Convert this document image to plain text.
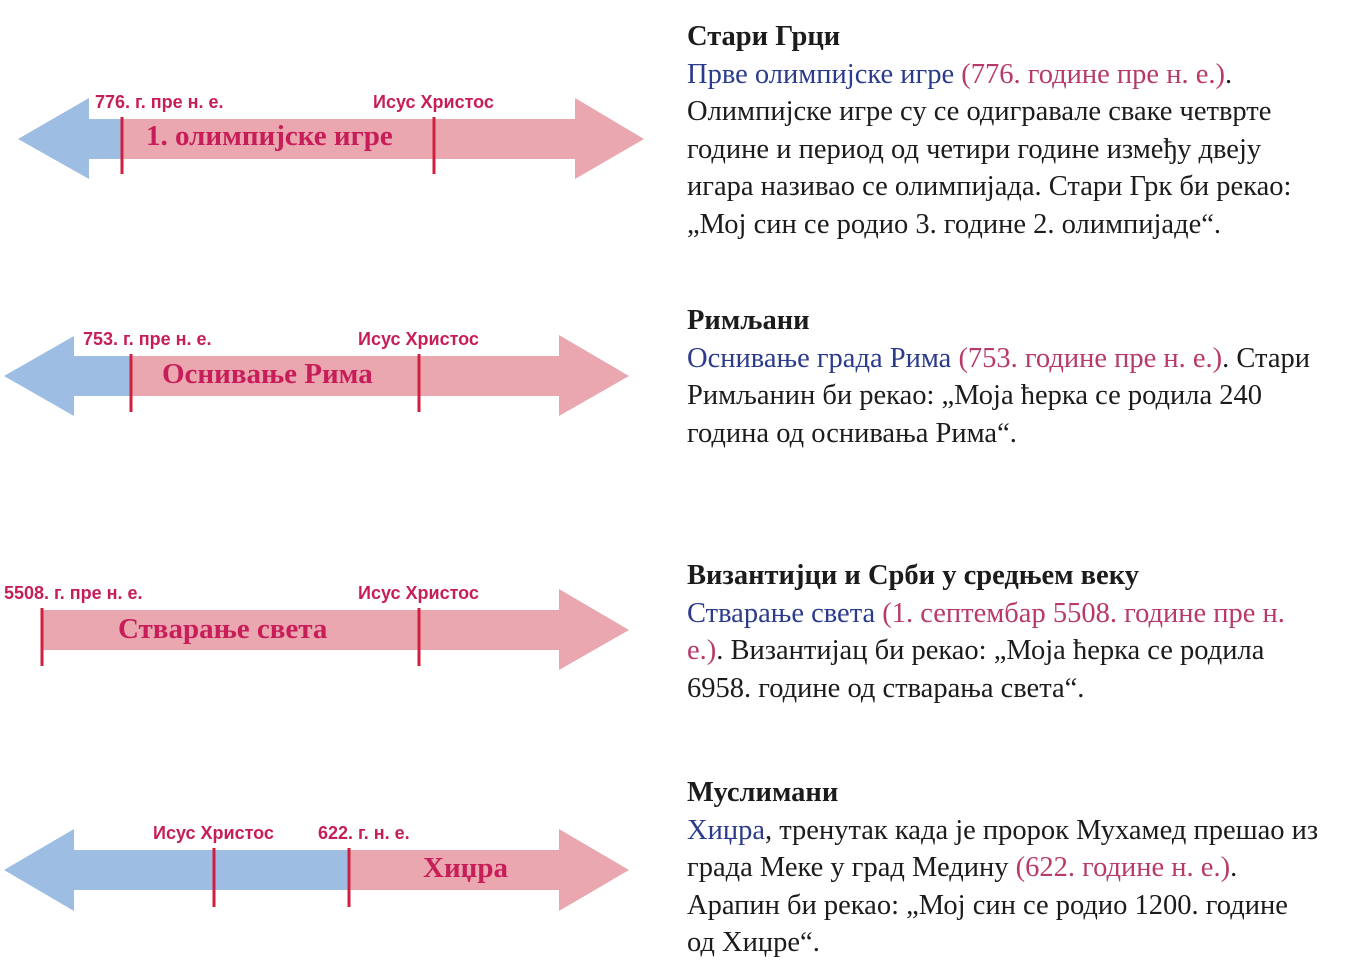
776. г. пре н. е.	Исус Христос
1. олимпијске игре
Стари Грци
Прве олимпијске игре (776. године пре н. е.). Олимпијске игре су се одигравале сваке четврте године и период од четири године између двеју игара називао се олимпијада. Стари Грк би рекао: „Мој син се родио 3. године 2. олимпијаде“.
753. г. пре н. е.	Исус Христос
Оснивање Рима
Римљани
Оснивање града Рима (753. године пре н. е.). Стари Римљанин би рекао: „Моја ћерка се родила 240 година од оснивања Рима“.
5508. г. пре н. е.	Исус Христос
Стварање света
Византијци и Срби у средњем веку
Стварање света (1. септембар 5508. године пре н. е.). Византијац би рекао: „Моја ћерка се родила 6958. године од стварања света“.
Исус Христос 622. г. н. е.
Хиџра
Муслимани
Хиџра, тренутак када је пророк Мухамед прешао из града Меке у град Медину (622. године н. е.). Арапин би рекао: „Мој син се родио 1200. године од Хиџре“.
